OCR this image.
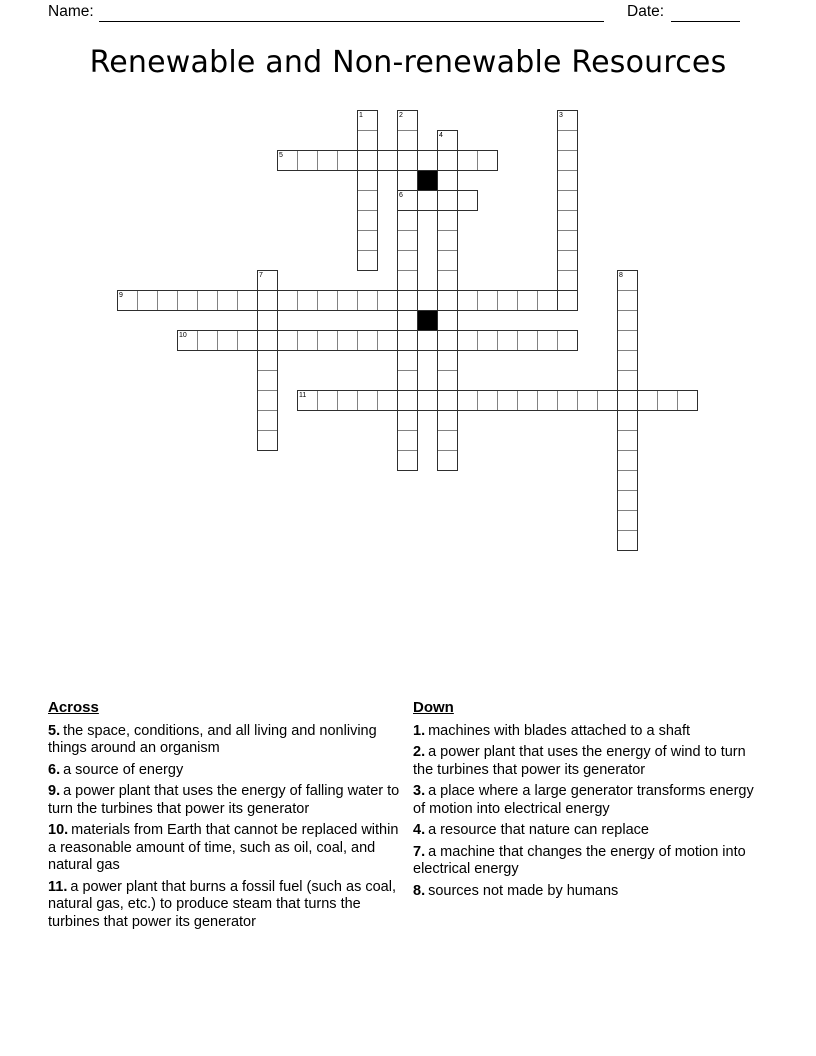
Name:	Date:
Renewable and Non-renewable Resources
1	2	3
4
5
6
7	8
9
10
11
Across
5. the space, conditions, and all living and nonliving things around an organism
6. a source of energy
9. a power plant that uses the energy of falling water to turn the turbines that power its generator
10. materials from Earth that cannot be replaced within a reasonable amount of time, such as oil, coal, and natural gas
11. a power plant that burns a fossil fuel (such as coal, natural gas, etc.) to produce steam that turns the turbines that power its generator
Down
1. machines with blades attached to a shaft
2. a power plant that uses the energy of wind to turn the turbines that power its generator
3. a place where a large generator transforms energy of motion into electrical energy
4. a resource that nature can replace
7. a machine that changes the energy of motion into electrical energy
8. sources not made by humans
